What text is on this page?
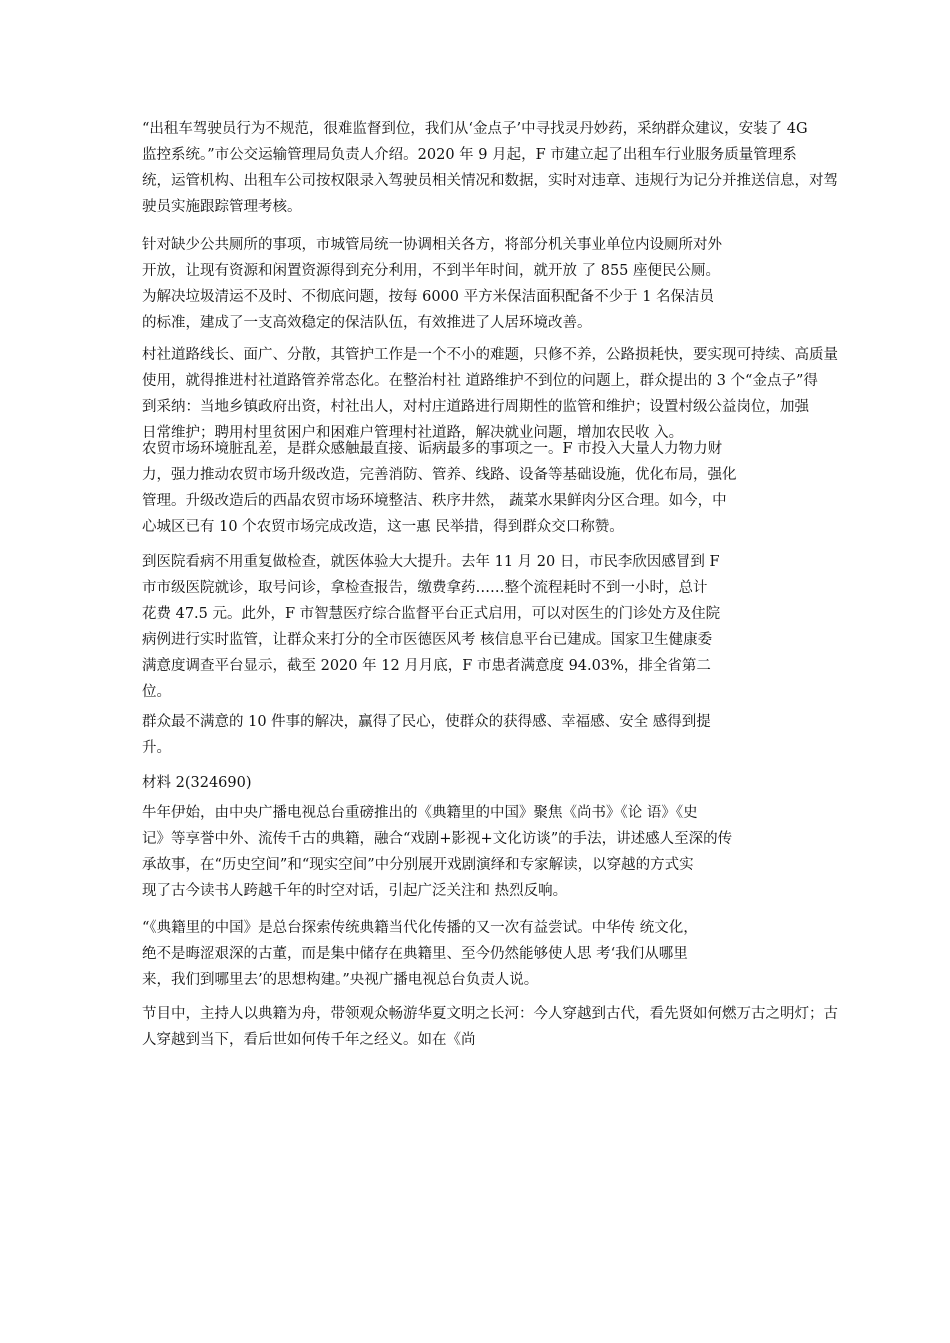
“出租车驾驶员行为不规范，很难监督到位，我们从‘金点子’中寻找灵丹妙药，采纳群众建议，安装了 4G
监控系统。”市公交运输管理局负责人介绍。2020 年 9 月起，F 市建立起了出租车行业服务质量管理系
统，运管机构、出租车公司按权限录入驾驶员相关情况和数据，实时对违章、违规行为记分并推送信息，对驾
驶员实施跟踪管理考核。
针对缺少公共厕所的事项，市城管局统一协调相关各方，将部分机关事业单位内设厕所对外
开放，让现有资源和闲置资源得到充分利用，不到半年时间，就开放 了 855 座便民公厕。
为解决垃圾清运不及时、不彻底问题，按每 6000 平方米保洁面积配备不少于 1 名保洁员
的标准，建成了一支高效稳定的保洁队伍，有效推进了人居环境改善。
村社道路线长、面广、分散，其管护工作是一个不小的难题，只修不养，公路损耗快，要实现可持续、高质量
使用，就得推进村社道路管养常态化。在整治村社 道路维护不到位的问题上，群众提出的 3 个“金点子”得
到采纳：当地乡镇政府出资，村社出人，对村庄道路进行周期性的监管和维护；设置村级公益岗位，加强
日常维护；聘用村里贫困户和困难户管理村社道路，解决就业问题，增加农民收 入。
农贸市场环境脏乱差，是群众感触最直接、诟病最多的事项之一。F 市投入大量人力物力财
力，强力推动农贸市场升级改造，完善消防、管养、线路、设备等基础设施，优化布局，强化
管理。升级改造后的西晶农贸市场环境整洁、秩序井然， 蔬菜水果鲜肉分区合理。如今，中
心城区已有 10 个农贸市场完成改造，这一惠 民举措，得到群众交口称赞。
到医院看病不用重复做检查，就医体验大大提升。去年 11 月 20 日，市民李欣因感冒到 F
市市级医院就诊，取号问诊，拿检查报告，缴费拿药……整个流程耗时不到一小时，总计
花费 47.5 元。此外，F 市智慧医疗综合监督平台正式启用，可以对医生的门诊处方及住院
病例进行实时监管，让群众来打分的全市医德医风考 核信息平台已建成。国家卫生健康委
满意度调查平台显示，截至 2020 年 12 月月底，F 市患者满意度 94.03%，排全省第二
位。
群众最不满意的 10 件事的解决，赢得了民心，使群众的获得感、幸福感、安全 感得到提
升。
材料 2(324690)
牛年伊始，由中央广播电视总台重磅推出的《典籍里的中国》聚焦《尚书》《论 语》《史
记》等享誉中外、流传千古的典籍，融合“戏剧+影视+文化访谈”的手法，讲述感人至深的传
承故事，在“历史空间”和“现实空间”中分别展开戏剧演绎和专家解读，以穿越的方式实
现了古今读书人跨越千年的时空对话，引起广泛关注和 热烈反响。
“《典籍里的中国》是总台探索传统典籍当代化传播的又一次有益尝试。中华传 统文化，
绝不是晦涩艰深的古董，而是集中储存在典籍里、至今仍然能够使人思 考‘我们从哪里
来，我们到哪里去’的思想构建。”央视广播电视总台负责人说。
节目中，主持人以典籍为舟，带领观众畅游华夏文明之长河：今人穿越到古代，看先贤如何燃万古之明灯；古
人穿越到当下，看后世如何传千年之经义。如在《尚
